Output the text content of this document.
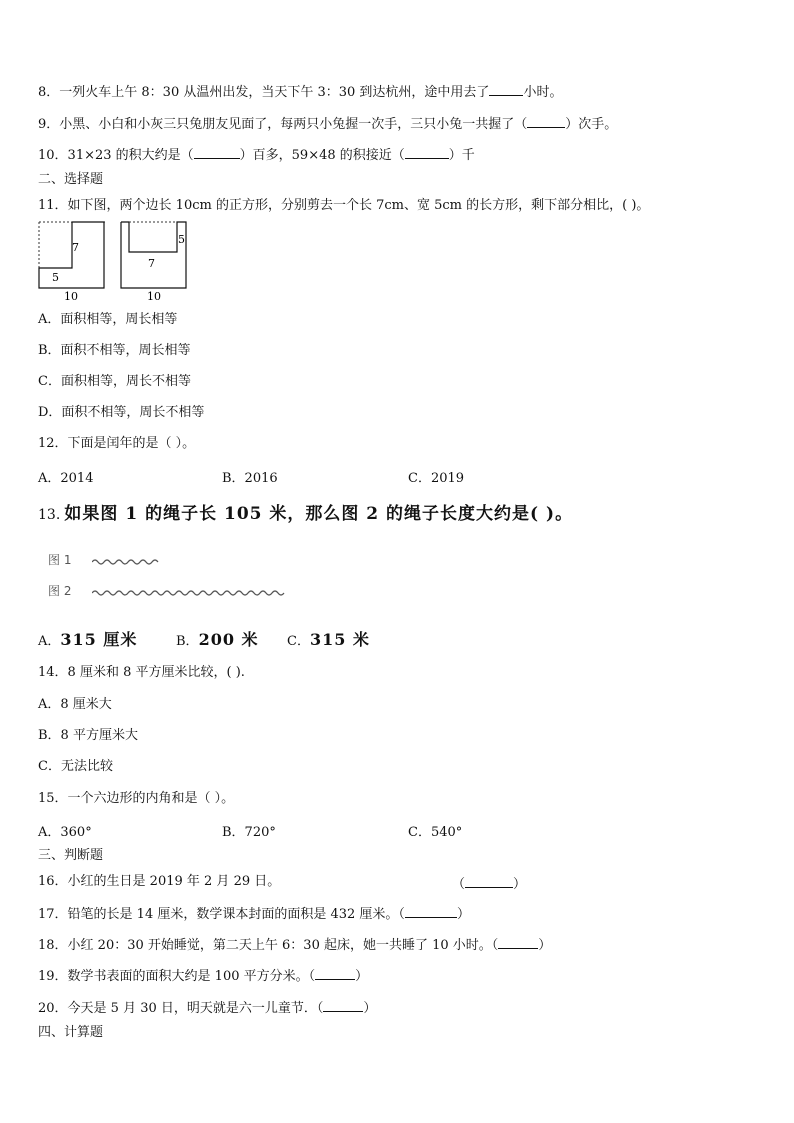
8．一列火车上午 8：30 从温州出发，当天下午 3：30 到达杭州，途中用去了	小时。
9．小黑、小白和小灰三只兔朋友见面了，每两只小兔握一次手，三只小兔一共握了（	）次手。
10．31×23 的积大约是（	）百多，59×48 的积接近（	）千
二、选择题
11．如下图，两个边长 10cm 的正方形，分别剪去一个长 7cm、宽 5cm 的长方形，剩下部分相比，( )。
7
5
10
5
7
10
A．面积相等，周长相等
B．面积不相等，周长相等
C．面积相等，周长不相等
D．面积不相等，周长不相等
12．下面是闰年的是（ ）。
A．2014	B．2016	C．2019
13. 如果图 1 的绳子长 105 米，那么图 2 的绳子长度大约是( )。
图 1
图 2
A．315 厘米	B．200 米 C．315 米
14．8 厘米和 8 平方厘米比较，( ).
A．8 厘米大
B．8 平方厘米大
C．无法比较
15．一个六边形的内角和是（ ）。
A．360°	B．720°	C．540°
三、判断题
16．小红的生日是 2019 年 2 月 29 日。	（	）
17．铅笔的长是 14 厘米，数学课本封面的面积是 432 厘米。（	）
18．小红 20：30 开始睡觉，第二天上午 6：30 起床，她一共睡了 10 小时。（	）
19．数学书表面的面积大约是 100 平方分米。（	）
20．今天是 5 月 30 日，明天就是六一儿童节．（	）
四、计算题
